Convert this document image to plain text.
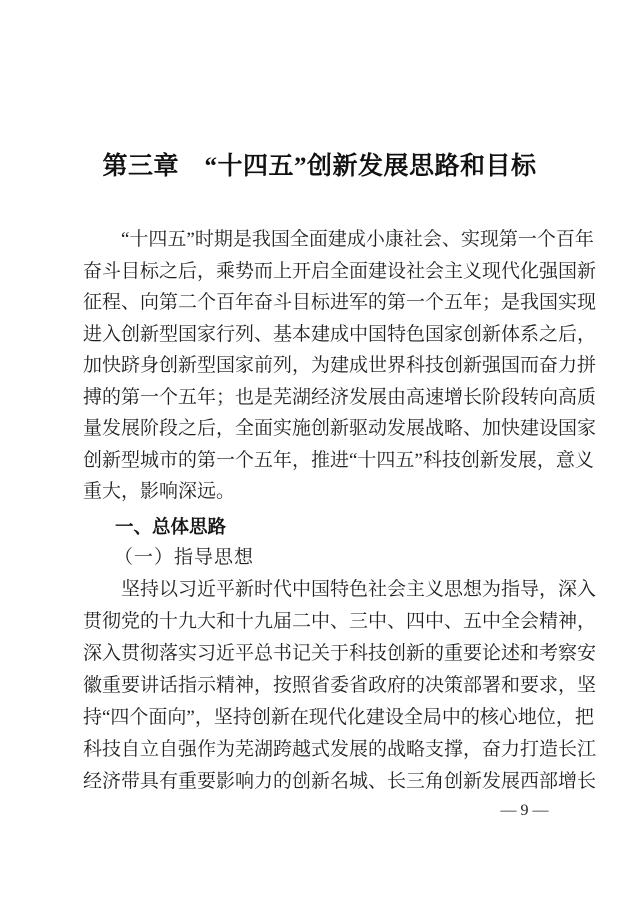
第三章　“十四五”创新发展思路和目标
“十四五”时期是我国全面建成小康社会、实现第一个百年
奋斗目标之后，乘势而上开启全面建设社会主义现代化强国新
征程、向第二个百年奋斗目标进军的第一个五年；是我国实现
进入创新型国家行列、基本建成中国特色国家创新体系之后，
加快跻身创新型国家前列，为建成世界科技创新强国而奋力拼
搏的第一个五年；也是芜湖经济发展由高速增长阶段转向高质
量发展阶段之后，全面实施创新驱动发展战略、加快建设国家
创新型城市的第一个五年，推进“十四五”科技创新发展，意义
重大，影响深远。
一、总体思路
（一）指导思想
坚持以习近平新时代中国特色社会主义思想为指导，深入
贯彻党的十九大和十九届二中、三中、四中、五中全会精神，
深入贯彻落实习近平总书记关于科技创新的重要论述和考察安
徽重要讲话指示精神，按照省委省政府的决策部署和要求，坚
持“四个面向”，坚持创新在现代化建设全局中的核心地位，把
科技自立自强作为芜湖跨越式发展的战略支撑，奋力打造长江
经济带具有重要影响力的创新名城、长三角创新发展西部增长
— 9 —
